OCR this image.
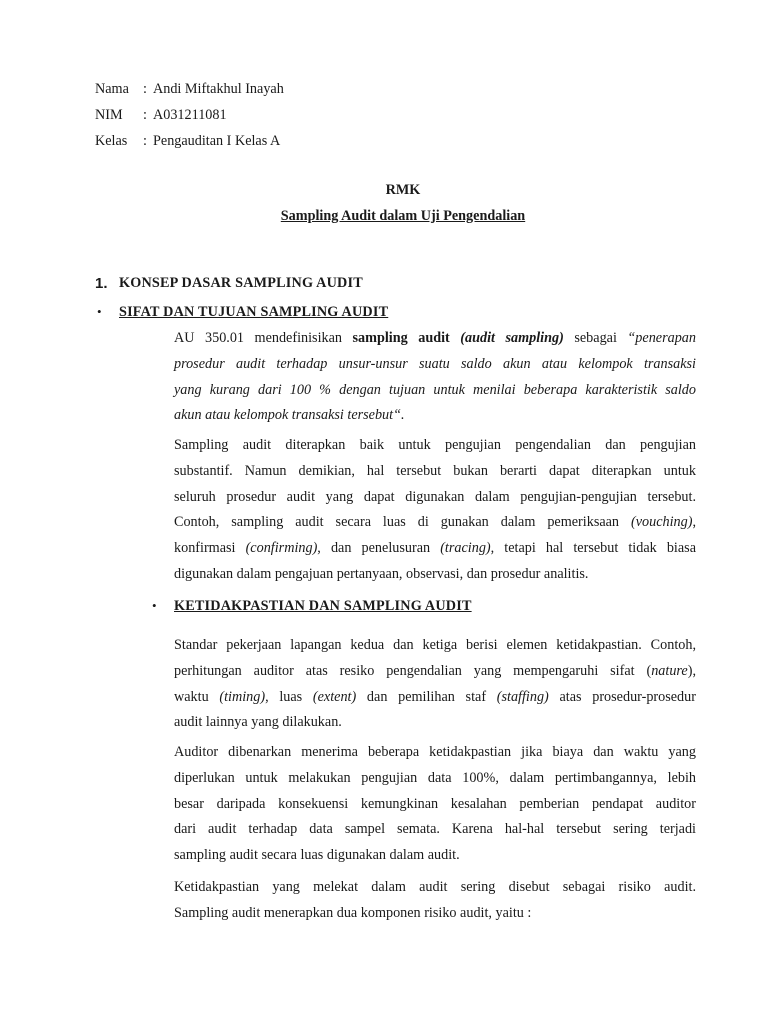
Nama : Andi Miftakhul Inayah
NIM : A031211081
Kelas : Pengauditan I Kelas A
RMK
Sampling Audit dalam Uji Pengendalian
1. KONSEP DASAR SAMPLING AUDIT
• SIFAT DAN TUJUAN SAMPLING AUDIT
AU 350.01 mendefinisikan sampling audit (audit sampling) sebagai “penerapan
prosedur audit terhadap unsur-unsur suatu saldo akun atau kelompok transaksi
yang kurang dari 100 % dengan tujuan untuk menilai beberapa karakteristik saldo
akun atau kelompok transaksi tersebut“.
Sampling audit diterapkan baik untuk pengujian pengendalian dan pengujian
substantif. Namun demikian, hal tersebut bukan berarti dapat diterapkan untuk
seluruh prosedur audit yang dapat digunakan dalam pengujian-pengujian tersebut.
Contoh, sampling audit secara luas di gunakan dalam pemeriksaan (vouching),
konfirmasi (confirming), dan penelusuran (tracing), tetapi hal tersebut tidak biasa
digunakan dalam pengajuan pertanyaan, observasi, dan prosedur analitis.
• KETIDAKPASTIAN DAN SAMPLING AUDIT
Standar pekerjaan lapangan kedua dan ketiga berisi elemen ketidakpastian. Contoh,
perhitungan auditor atas resiko pengendalian yang mempengaruhi sifat (nature),
waktu (timing), luas (extent) dan pemilihan staf (staffing) atas prosedur-prosedur
audit lainnya yang dilakukan.
Auditor dibenarkan menerima beberapa ketidakpastian jika biaya dan waktu yang
diperlukan untuk melakukan pengujian data 100%, dalam pertimbangannya, lebih
besar daripada konsekuensi kemungkinan kesalahan pemberian pendapat auditor
dari audit terhadap data sampel semata. Karena hal-hal tersebut sering terjadi
sampling audit secara luas digunakan dalam audit.
Ketidakpastian yang melekat dalam audit sering disebut sebagai risiko audit.
Sampling audit menerapkan dua komponen risiko audit, yaitu :
